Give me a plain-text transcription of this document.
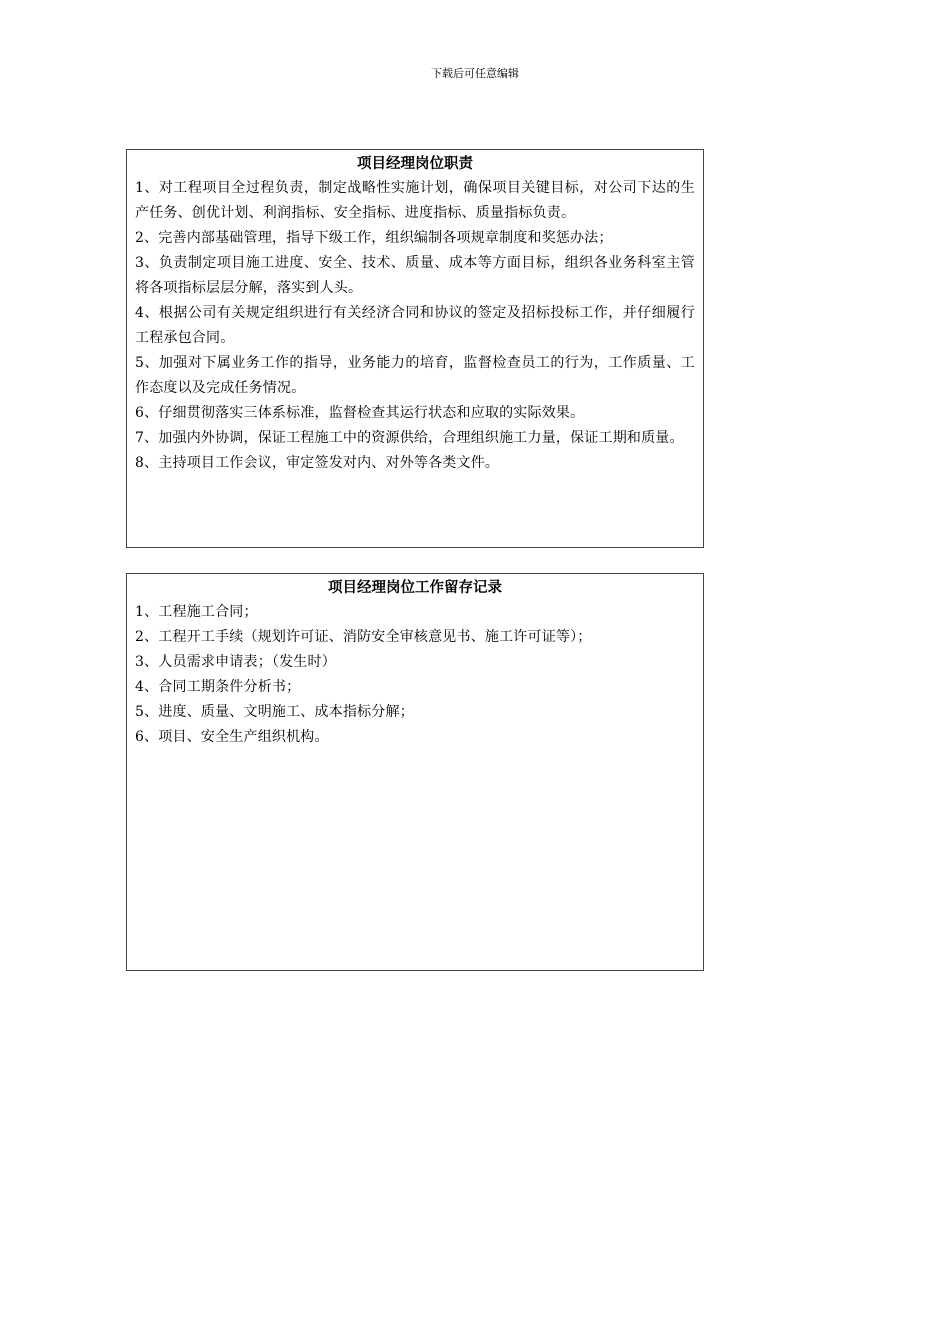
下载后可任意编辑

项目经理岗位职责

1、对工程项目全过程负责，制定战略性实施计划，确保项目关键目标，对公司下达的生产任务、创优计划、利润指标、安全指标、进度指标、质量指标负责。
2、完善内部基础管理，指导下级工作，组织编制各项规章制度和奖惩办法；
3、负责制定项目施工进度、安全、技术、质量、成本等方面目标，组织各业务科室主管将各项指标层层分解，落实到人头。
4、根据公司有关规定组织进行有关经济合同和协议的签定及招标投标工作，并仔细履行工程承包合同。
5、加强对下属业务工作的指导，业务能力的培育，监督检查员工的行为，工作质量、工作态度以及完成任务情况。
6、仔细贯彻落实三体系标准，监督检查其运行状态和应取的实际效果。
7、加强内外协调，保证工程施工中的资源供给，合理组织施工力量，保证工期和质量。
8、主持项目工作会议，审定签发对内、对外等各类文件。

项目经理岗位工作留存记录

1、工程施工合同；
2、工程开工手续（规划许可证、消防安全审核意见书、施工许可证等）；
3、人员需求申请表；（发生时）
4、合同工期条件分析书；
5、进度、质量、文明施工、成本指标分解；
6、项目、安全生产组织机构。
